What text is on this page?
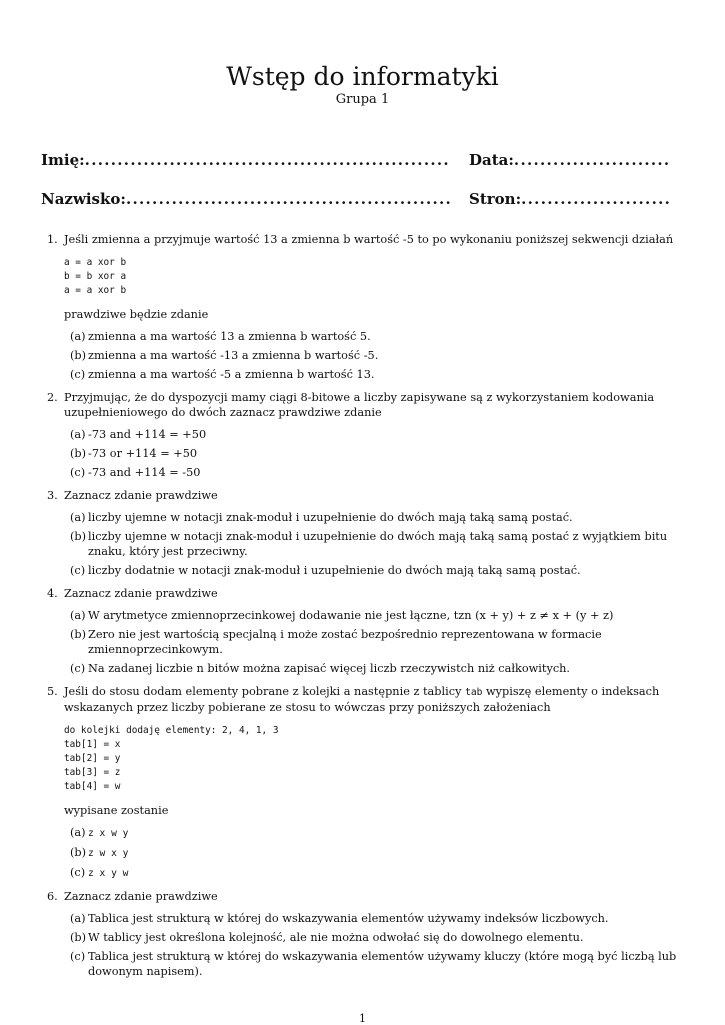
Wstęp do informatyki
Grupa 1
Imię:........................................................	Data:........................
Nazwisko:..................................................	Stron:.......................
1. Jeśli zmienna a przyjmuje wartość 13 a zmienna b wartość -5 to po wykonaniu poniższej sekwencji działań

a = a xor b
b = b xor a
a = a xor b

prawdziwe będzie zdanie

(a) zmienna a ma wartość 13 a zmienna b wartość 5.
(b) zmienna a ma wartość -13 a zmienna b wartość -5.
(c) zmienna a ma wartość -5 a zmienna b wartość 13.
2. Przyjmując, że do dyspozycji mamy ciągi 8-bitowe a liczby zapisywane są z wykorzystaniem kodowania uzupełnieniowego do dwóch zaznacz prawdziwe zdanie

(a) -73 and +114 = +50
(b) -73 or +114 = +50
(c) -73 and +114 = -50
3. Zaznacz zdanie prawdziwe

(a) liczby ujemne w notacji znak-moduł i uzupełnienie do dwóch mają taką samą postać.
(b) liczby ujemne w notacji znak-moduł i uzupełnienie do dwóch mają taką samą postać z wyjątkiem bitu znaku, który jest przeciwny.
(c) liczby dodatnie w notacji znak-moduł i uzupełnienie do dwóch mają taką samą postać.
4. Zaznacz zdanie prawdziwe

(a) W arytmetyce zmiennoprzecinkowej dodawanie nie jest łączne, tzn (x + y) + z ≠ x + (y + z)
(b) Zero nie jest wartością specjalną i może zostać bezpośrednio reprezentowana w formacie zmiennoprzecinkowym.
(c) Na zadanej liczbie n bitów można zapisać więcej liczb rzeczywistch niż całkowitych.
5. Jeśli do stosu dodam elementy pobrane z kolejki a następnie z tablicy tab wypiszę elementy o indeksach wskazanych przez liczby pobierane ze stosu to wówczas przy poniższych założeniach

do kolejki dodaję elementy: 2, 4, 1, 3
tab[1] = x
tab[2] = y
tab[3] = z
tab[4] = w

wypisane zostanie

(a) z x w y
(b) z w x y
(c) z x y w
6. Zaznacz zdanie prawdziwe

(a) Tablica jest strukturą w której do wskazywania elementów używamy indeksów liczbowych.
(b) W tablicy jest określona kolejność, ale nie można odwołać się do dowolnego elementu.
(c) Tablica jest strukturą w której do wskazywania elementów używamy kluczy (które mogą być liczbą lub dowonym napisem).
1
